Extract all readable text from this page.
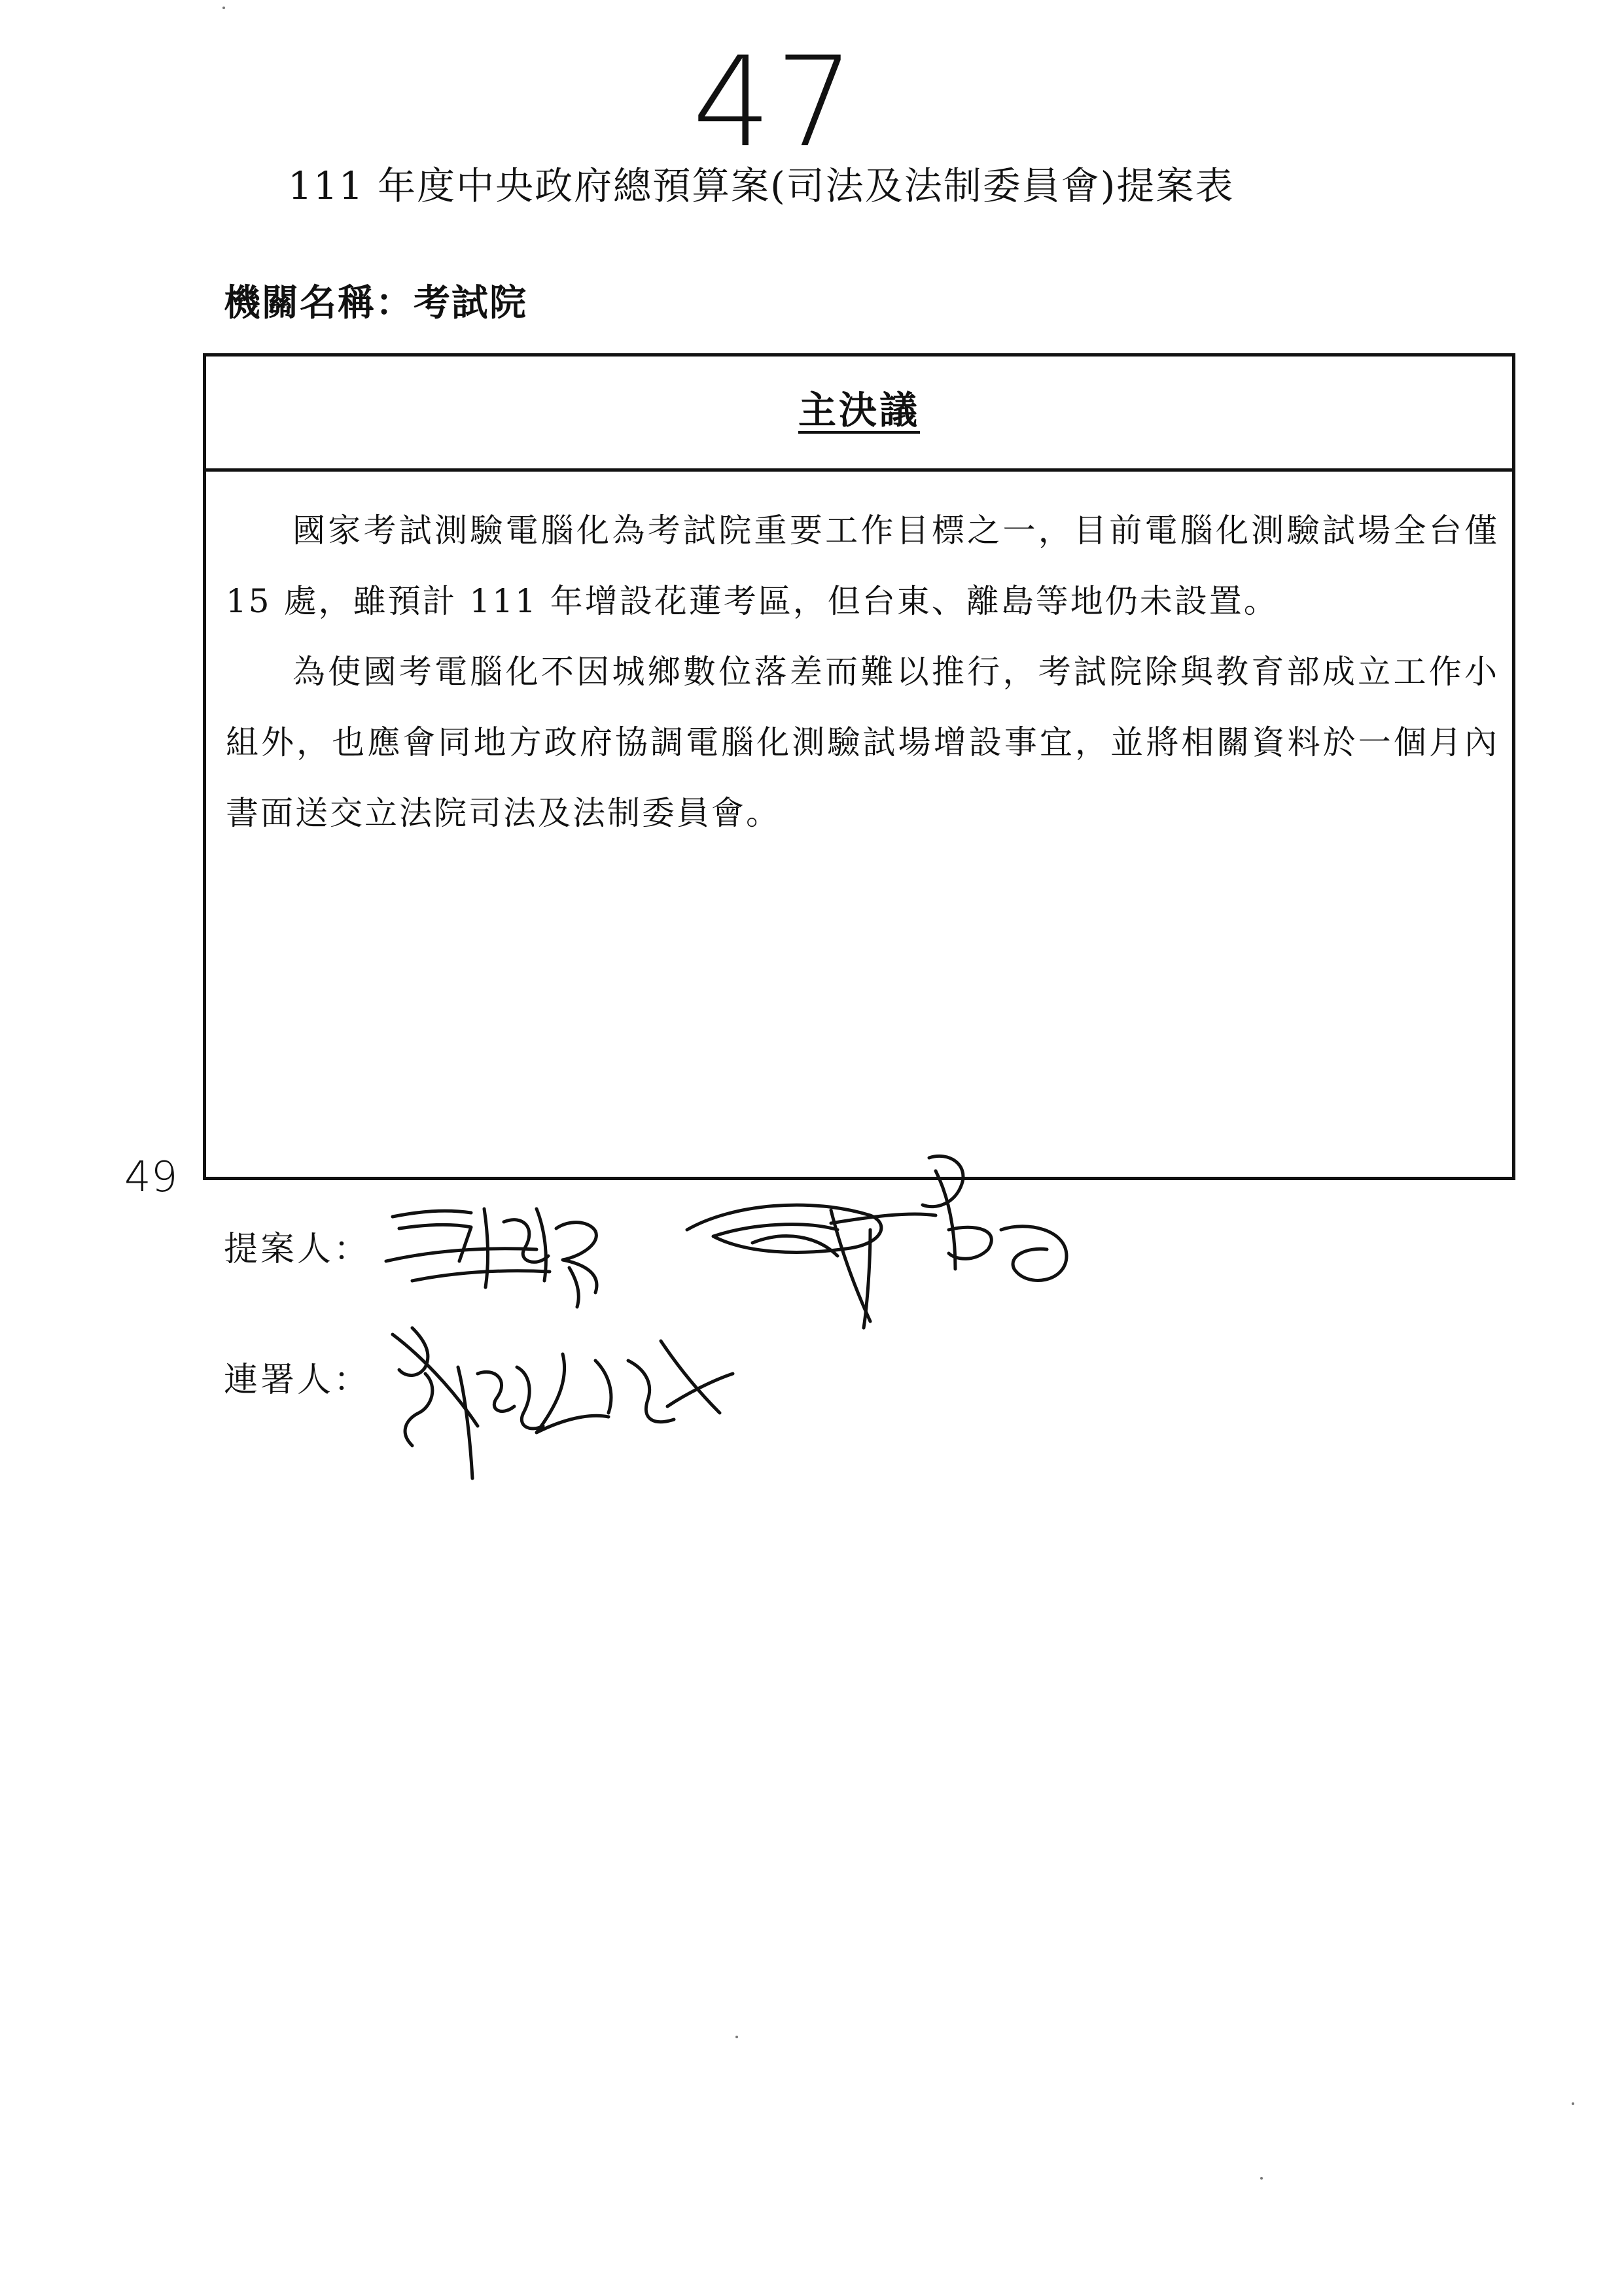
47
49
111 年度中央政府總預算案(司法及法制委員會)提案表
機關名稱：考試院
主決議

國家考試測驗電腦化為考試院重要工作目標之一，目前電腦化測驗試場全台僅 15 處，雖預計 111 年增設花蓮考區，但台東、離島等地仍未設置。

為使國考電腦化不因城鄉數位落差而難以推行，考試院除與教育部成立工作小組外，也應會同地方政府協調電腦化測驗試場增設事宜，並將相關資料於一個月內書面送交立法院司法及法制委員會。

提案人：
連署人：
